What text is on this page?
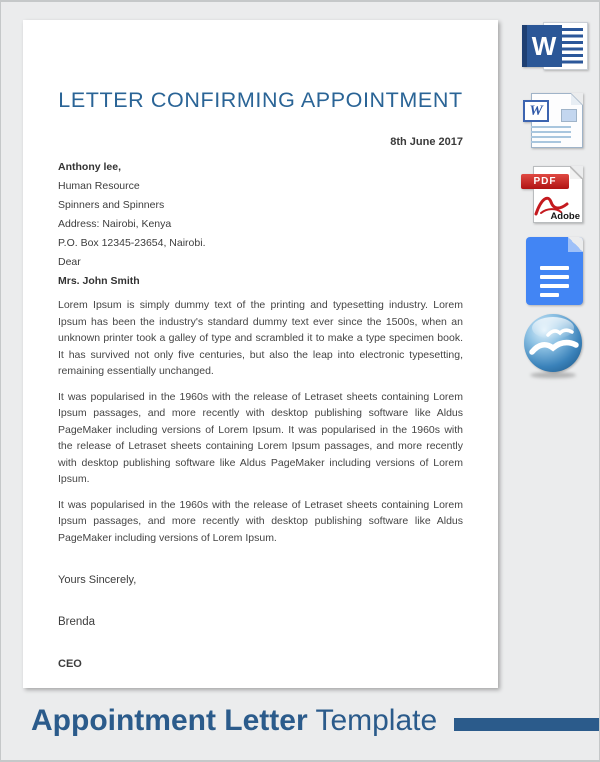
LETTER CONFIRMING APPOINTMENT
8th June 2017
Anthony lee,
Human Resource
Spinners and Spinners
Address: Nairobi, Kenya
P.O. Box 12345-23654, Nairobi.
Dear
Mrs. John Smith

Lorem Ipsum is simply dummy text of the printing and typesetting industry. Lorem Ipsum has been the industry's standard dummy text ever since the 1500s, when an unknown printer took a galley of type and scrambled it to make a type specimen book. It has survived not only five centuries, but also the leap into electronic typesetting, remaining essentially unchanged.

It was popularised in the 1960s with the release of Letraset sheets containing Lorem Ipsum passages, and more recently with desktop publishing software like Aldus PageMaker including versions of Lorem Ipsum. It was popularised in the 1960s with the release of Letraset sheets containing Lorem Ipsum passages, and more recently with desktop publishing software like Aldus PageMaker including versions of Lorem Ipsum.

It was popularised in the 1960s with the release of Letraset sheets containing Lorem Ipsum passages, and more recently with desktop publishing software like Aldus PageMaker including versions of Lorem Ipsum.

Yours Sincerely,
Brenda
CEO
W
W
PDF
Adobe
Appointment Letter Template
